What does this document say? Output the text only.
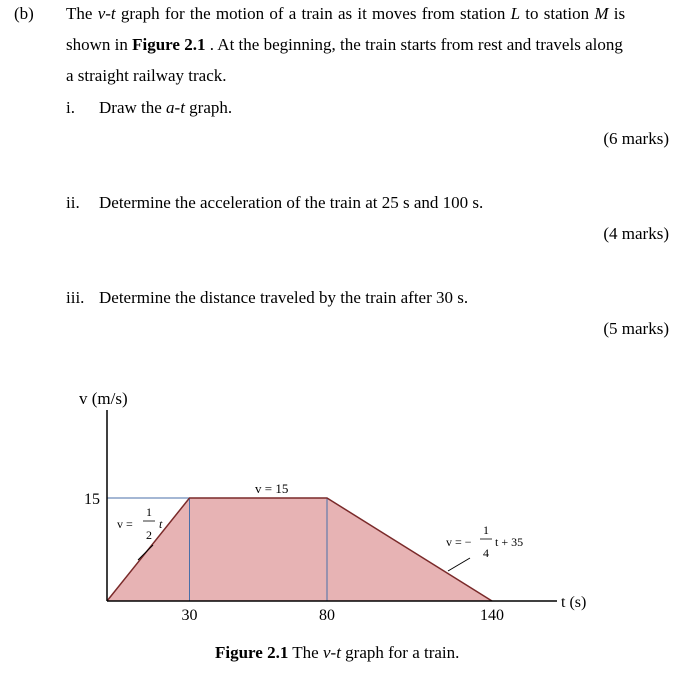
(b) The v-t graph for the motion of a train as it moves from station L to station M is
shown in Figure 2.1 . At the beginning, the train starts from rest and travels along
a straight railway track.
i. Draw the a-t graph.
(6 marks)
ii. Determine the acceleration of the train at 25 s and 100 s.
(4 marks)
iii. Determine the distance traveled by the train after 30 s.
(5 marks)
v (m/s)
t (s)
30	80	140
15
v = 15
v =
1
2
t
v = −
1
4
t + 35
Figure 2.1 The v-t graph for a train.
